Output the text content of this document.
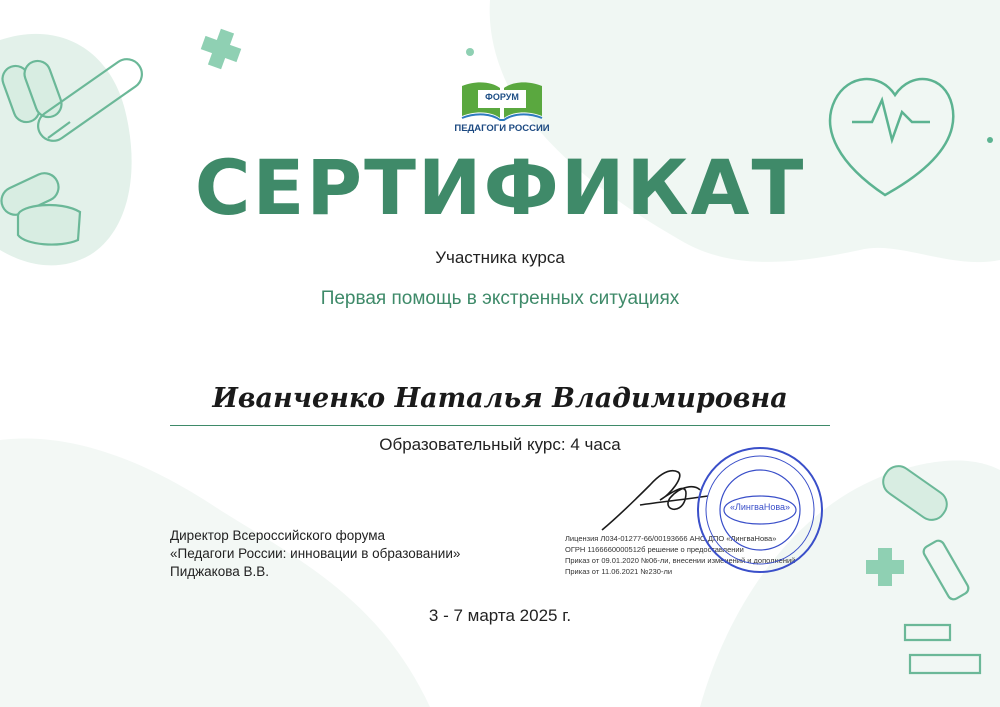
ФОРУМ
ПЕДАГОГИ РОССИИ
СЕРТИФИКАТ
Участника курса
Первая помощь в экстренных ситуациях
Иванченко Наталья Владимировна
Образовательный курс: 4 часа
Директор Всероссийского форума
«Педагоги России: инновации в образовании»
Пиджакова В.В.
Лицензия Л034-01277-66/00193666 АНО ДПО «ЛингваНова»
ОГРН 1166660000512б решение о предоставлении
Приказ от 09.01.2020 №06-ли, внесении изменений и дополнений
Приказ от 11.06.2021 №230-ли
«ЛингваНова»
3 - 7 марта 2025 г.
